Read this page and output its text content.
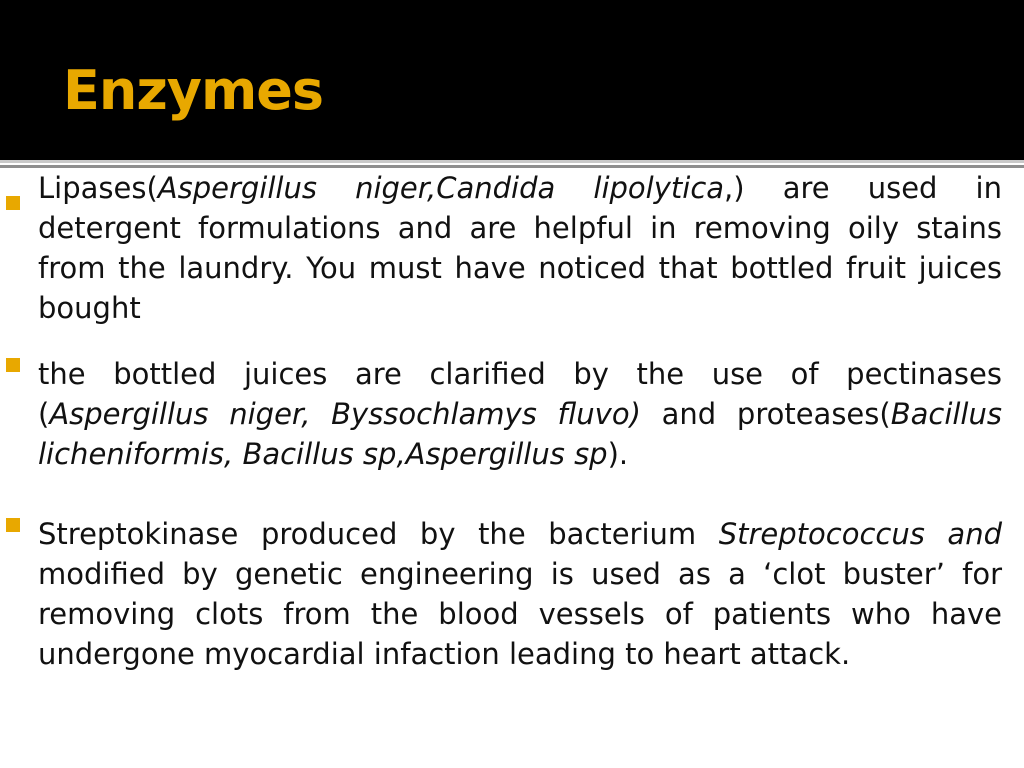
Enzymes

Lipases(Aspergillus niger,Candida lipolytica,) are used in detergent formulations and are helpful in removing oily stains from the laundry. You must have noticed that bottled fruit juices bought

the bottled juices are clarified by the use of pectinases (Aspergillus niger, Byssochlamys fluvo) and proteases(Bacillus licheniformis, Bacillus sp,Aspergillus sp).

Streptokinase produced by the bacterium Streptococcus and modified by genetic engineering is used as a ‘clot buster’ for removing clots from the blood vessels of patients who have undergone myocardial infaction leading to heart attack.
